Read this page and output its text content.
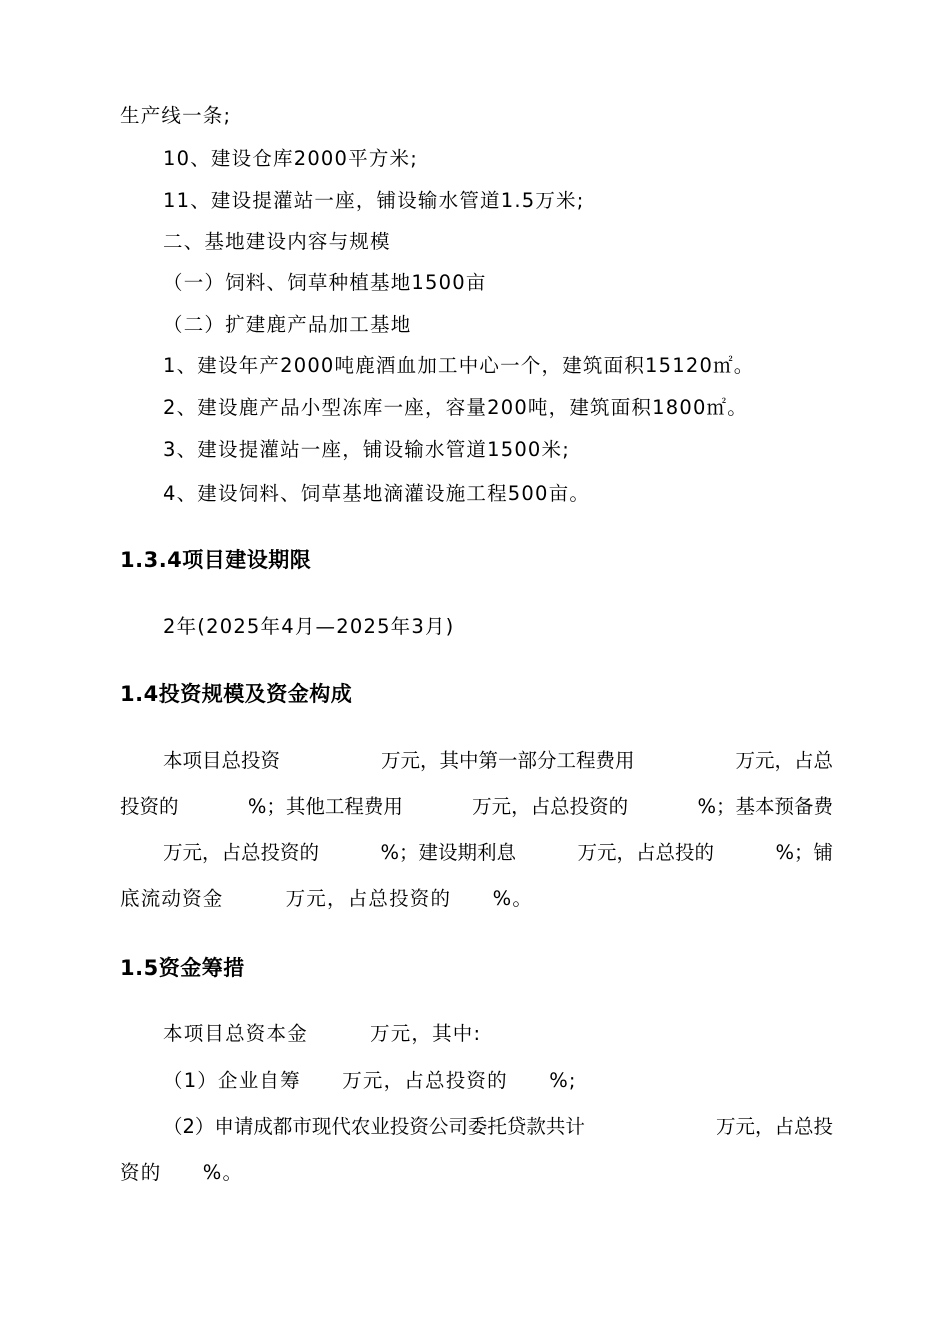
生产线一条;
10、建设仓库2000平方米;
11、建设提灌站一座，铺设输水管道1.5万米;
二、基地建设内容与规模
（一）饲料、饲草种植基地1500亩
（二）扩建鹿产品加工基地
1、建设年产2000吨鹿酒血加工中心一个，建筑面积15120㎡。
2、建设鹿产品小型冻库一座，容量200吨，建筑面积1800㎡。
3、建设提灌站一座，铺设输水管道1500米;
4、建设饲料、饲草基地滴灌设施工程500亩。
1.3.4项目建设期限
2年(2025年4月—2025年3月)
1.4投资规模及资金构成
本项目总投资	万元，其中第一部分工程费用	万元，占总
投资的	%；其他工程费用	万元，占总投资的	%；基本预备费
万元，占总投资的	%；建设期利息	万元，占总投的	%；铺
底流动资金　　　万元，占总投资的　　%。
1.5资金筹措
本项目总资本金　　　万元，其中:
（1）企业自筹　　万元，占总投资的　　%;
（2）申请成都市现代农业投资公司委托贷款共计	万元，占总投
资的　　%。
